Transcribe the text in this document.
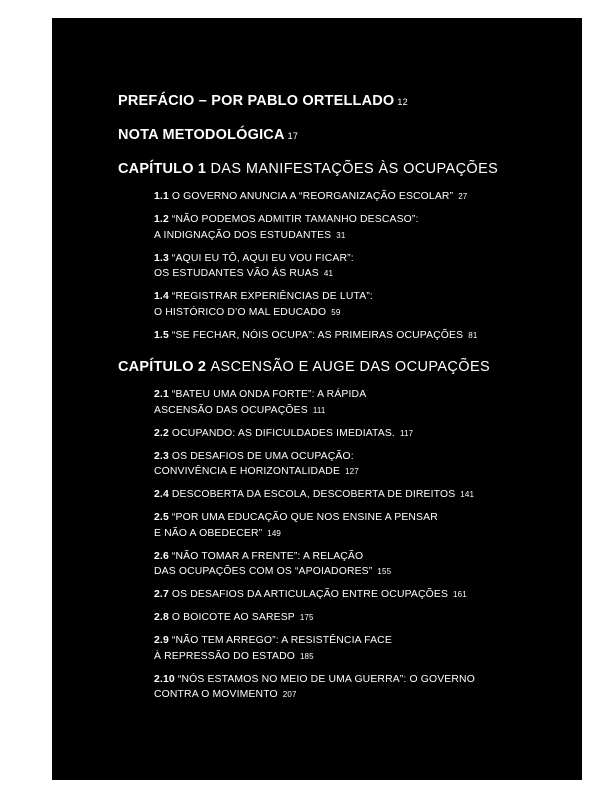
PREFÁCIO – POR PABLO ORTELLADO 12

NOTA METODOLÓGICA 17

CAPÍTULO 1 DAS MANIFESTAÇÕES ÀS OCUPAÇÕES

1.1 O GOVERNO ANUNCIA A “REORGANIZAÇÃO ESCOLAR” 27
1.2 “NÃO PODEMOS ADMITIR TAMANHO DESCASO”:
A INDIGNAÇÃO DOS ESTUDANTES 31
1.3 “AQUI EU TÔ, AQUI EU VOU FICAR”:
OS ESTUDANTES VÃO ÀS RUAS 41
1.4 “REGISTRAR EXPERIÊNCIAS DE LUTA”:
O HISTÓRICO D’O MAL EDUCADO 59
1.5 “SE FECHAR, NÓIS OCUPA”: AS PRIMEIRAS OCUPAÇÕES 81

CAPÍTULO 2 ASCENSÃO E AUGE DAS OCUPAÇÕES

2.1 “BATEU UMA ONDA FORTE”: A RÁPIDA
ASCENSÃO DAS OCUPAÇÕES 111
2.2 OCUPANDO: AS DIFICULDADES IMEDIATAS. 117
2.3 OS DESAFIOS DE UMA OCUPAÇÃO:
CONVIVÊNCIA E HORIZONTALIDADE 127
2.4 DESCOBERTA DA ESCOLA, DESCOBERTA DE DIREITOS 141
2.5 “POR UMA EDUCAÇÃO QUE NOS ENSINE A PENSAR
E NÃO A OBEDECER” 149
2.6 “NÃO TOMAR A FRENTE”: A RELAÇÃO
DAS OCUPAÇÕES COM OS “APOIADORES” 155
2.7 OS DESAFIOS DA ARTICULAÇÃO ENTRE OCUPAÇÕES 161
2.8 O BOICOTE AO SARESP 175
2.9 “NÃO TEM ARREGO”: A RESISTÊNCIA FACE
À REPRESSÃO DO ESTADO 185
2.10 “NÓS ESTAMOS NO MEIO DE UMA GUERRA”: O GOVERNO
CONTRA O MOVIMENTO 207
